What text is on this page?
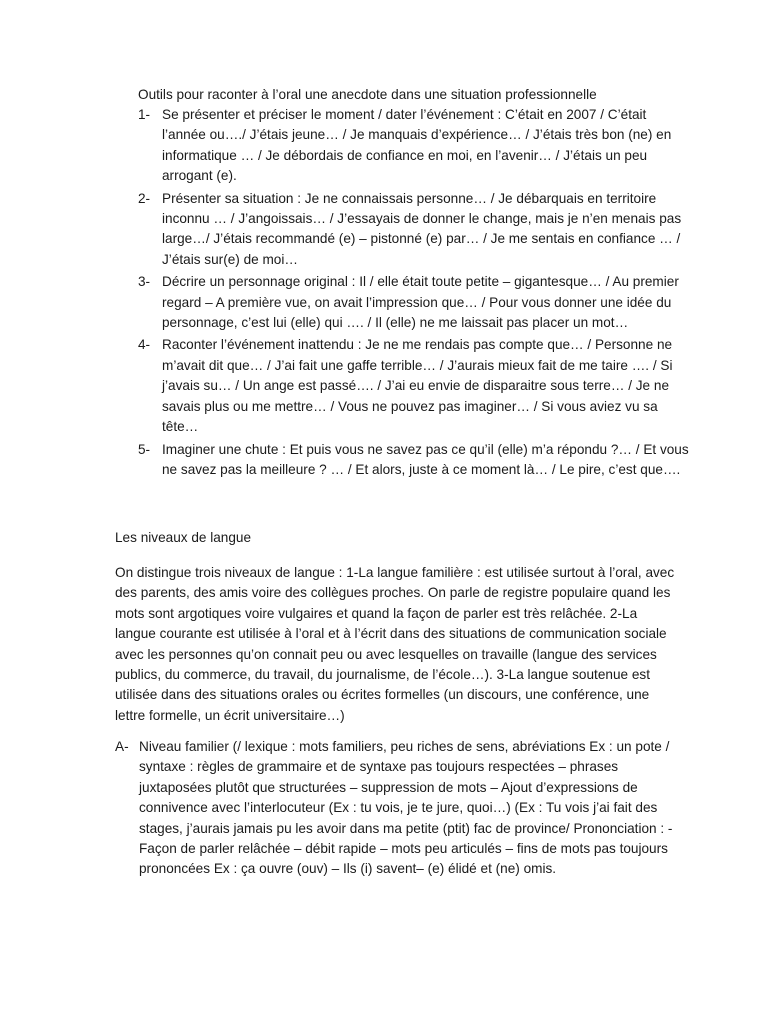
Outils pour raconter à l’oral une anecdote dans une situation professionnelle

1- Se présenter et préciser le moment / dater l’événement : C’était en 2007 / C’était l’année ou…./ J’étais jeune… / Je manquais d’expérience… / J’étais très bon (ne) en informatique … / Je débordais de confiance en moi, en l’avenir… / J’étais un peu arrogant (e).
2- Présenter sa situation : Je ne connaissais personne… / Je débarquais en territoire inconnu … / J’angoissais… / J’essayais de donner le change, mais je n’en menais pas large…/ J’étais recommandé (e) – pistonné (e) par… / Je me sentais en confiance … / J’étais sur(e) de moi…
3- Décrire un personnage original : Il / elle était toute petite – gigantesque… / Au premier regard – A première vue, on avait l’impression que… / Pour vous donner une idée du personnage, c’est lui (elle) qui …. / Il (elle) ne me laissait pas placer un mot…
4- Raconter l’événement inattendu : Je ne me rendais pas compte que… / Personne ne m’avait dit que… / J’ai fait une gaffe terrible… / J’aurais mieux fait de me taire …. / Si j’avais su… / Un ange est passé…. / J’ai eu envie de disparaitre sous terre… / Je ne savais plus ou me mettre… / Vous ne pouvez pas imaginer… / Si vous aviez vu sa tête…
5- Imaginer une chute : Et puis vous ne savez pas ce qu’il (elle) m’a répondu ?… / Et vous ne savez pas la meilleure ? … / Et alors, juste à ce moment là… / Le pire, c’est que….

Les niveaux de langue

On distingue trois niveaux de langue : 1-La langue familière : est utilisée surtout à l’oral, avec des parents, des amis voire des collègues proches. On parle de registre populaire quand les mots sont argotiques voire vulgaires et quand la façon de parler est très relâchée. 2-La langue courante est utilisée à l’oral et à l’écrit dans des situations de communication sociale avec les personnes qu’on connait peu ou avec lesquelles on travaille (langue des services publics, du commerce, du travail, du journalisme, de l’école…). 3-La langue soutenue est utilisée dans des situations orales ou écrites formelles (un discours, une conférence, une lettre formelle, un écrit universitaire…)

A- Niveau familier (/ lexique : mots familiers, peu riches de sens, abréviations Ex : un pote / syntaxe : règles de grammaire et de syntaxe pas toujours respectées – phrases juxtaposées plutôt que structurées – suppression de mots – Ajout d’expressions de connivence avec l’interlocuteur (Ex : tu vois, je te jure, quoi…) (Ex : Tu vois j’ai fait des stages, j’aurais jamais pu les avoir dans ma petite (ptit) fac de province/ Prononciation : -Façon de parler relâchée – débit rapide – mots peu articulés – fins de mots pas toujours prononcées Ex : ça ouvre (ouv) – Ils (i) savent– (e) élidé et (ne) omis.
